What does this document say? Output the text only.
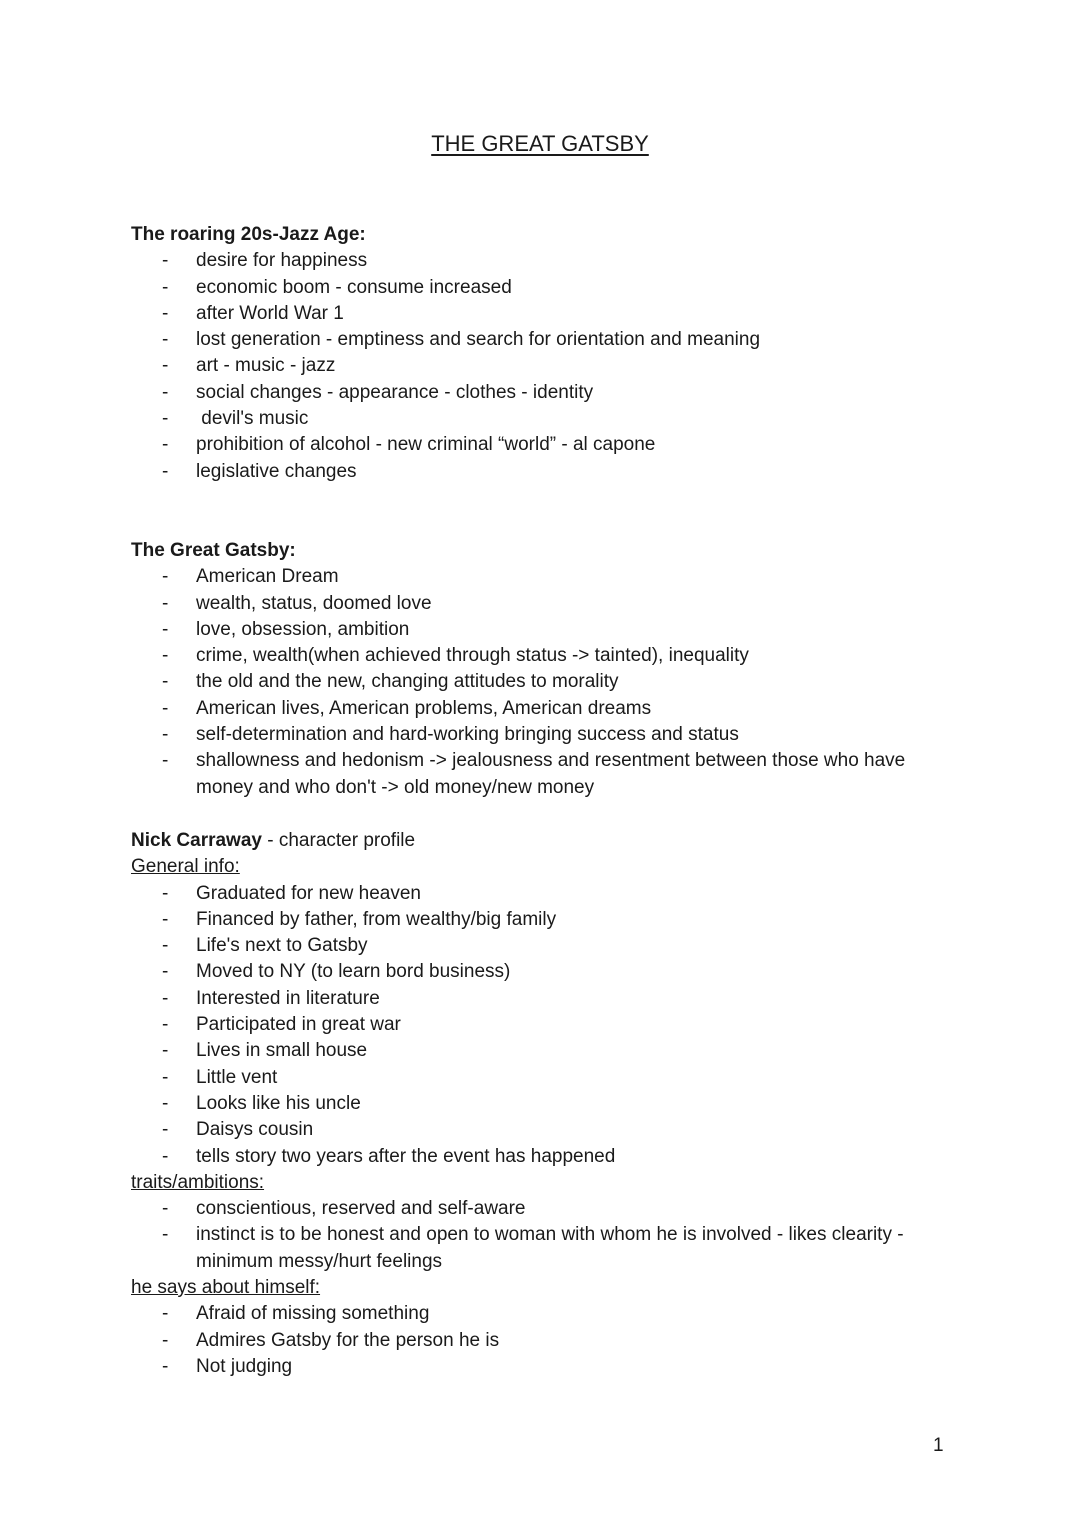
THE GREAT GATSBY

The roaring 20s-Jazz Age:

- desire for happiness
- economic boom - consume increased
- after World War 1
- lost generation - emptiness and search for orientation and meaning
- art - music - jazz
- social changes - appearance - clothes - identity
-  devil's music
- prohibition of alcohol - new criminal “world” - al capone
- legislative changes

The Great Gatsby:

- American Dream
- wealth, status, doomed love
- love, obsession, ambition
- crime, wealth(when achieved through status -> tainted), inequality
- the old and the new, changing attitudes to morality
- American lives, American problems, American dreams
- self-determination and hard-working bringing success and status
- shallowness and hedonism -> jealousness and resentment between those who have money and who don't -> old money/new money

Nick Carraway - character profile

General info:

- Graduated for new heaven
- Financed by father, from wealthy/big family
- Life's next to Gatsby
- Moved to NY (to learn bord business)
- Interested in literature
- Participated in great war
- Lives in small house
- Little vent
- Looks like his uncle
- Daisys cousin
- tells story two years after the event has happened

traits/ambitions:

- conscientious, reserved and self-aware
- instinct is to be honest and open to woman with whom he is involved - likes clearity - minimum messy/hurt feelings

he says about himself:

- Afraid of missing something
- Admires Gatsby for the person he is
- Not judging
1
